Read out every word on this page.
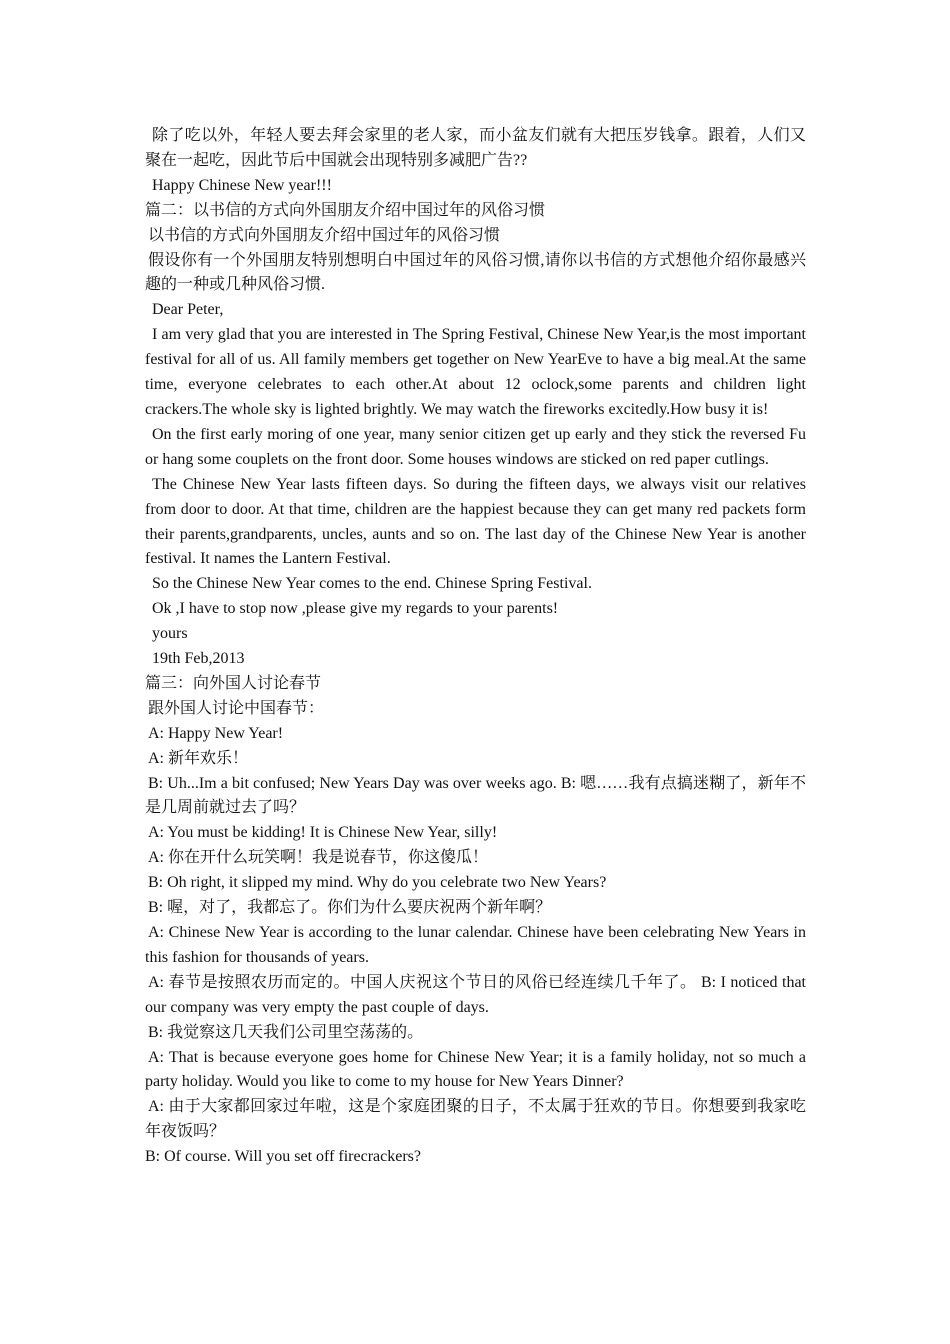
除了吃以外，年轻人要去拜会家里的老人家，而小盆友们就有大把压岁钱拿。跟着，人们又聚在一起吃，因此节后中国就会出现特别多减肥广告??

Happy Chinese New year!!!

篇二：以书信的方式向外国朋友介绍中国过年的风俗习惯

以书信的方式向外国朋友介绍中国过年的风俗习惯

假设你有一个外国朋友特别想明白中国过年的风俗习惯,请你以书信的方式想他介绍你最感兴趣的一种或几种风俗习惯.

Dear Peter,

I am very glad that you are interested in The Spring Festival, Chinese New Year,is the most important festival for all of us. All family members get together on New YearEve to have a big meal.At the same time, everyone celebrates to each other.At about 12 oclock,some parents and children light crackers.The whole sky is lighted brightly. We may watch the fireworks excitedly.How busy it is!

On the first early moring of one year, many senior citizen get up early and they stick the reversed Fu or hang some couplets on the front door. Some houses windows are sticked on red paper cutlings.

The Chinese New Year lasts fifteen days. So during the fifteen days, we always visit our relatives from door to door. At that time, children are the happiest because they can get many red packets form their parents,grandparents, uncles, aunts and so on. The last day of the Chinese New Year is another festival. It names the Lantern Festival.

So the Chinese New Year comes to the end. Chinese Spring Festival.

Ok ,I have to stop now ,please give my regards to your parents!

yours

19th Feb,2013

篇三：向外国人讨论春节

跟外国人讨论中国春节：

A: Happy New Year!

A: 新年欢乐！

B: Uh...Im a bit confused; New Years Day was over weeks ago. B: 嗯……我有点搞迷糊了，新年不是几周前就过去了吗？

A: You must be kidding! It is Chinese New Year, silly!

A: 你在开什么玩笑啊！我是说春节，你这傻瓜！

B: Oh right, it slipped my mind. Why do you celebrate two New Years?

B: 喔，对了，我都忘了。你们为什么要庆祝两个新年啊？

A: Chinese New Year is according to the lunar calendar. Chinese have been celebrating New Years in this fashion for thousands of years.

A: 春节是按照农历而定的。中国人庆祝这个节日的风俗已经连续几千年了。 B: I noticed that our company was very empty the past couple of days.

B: 我觉察这几天我们公司里空荡荡的。

A: That is because everyone goes home for Chinese New Year; it is a family holiday, not so much a party holiday. Would you like to come to my house for New Years Dinner?

A: 由于大家都回家过年啦，这是个家庭团聚的日子，不太属于狂欢的节日。你想要到我家吃年夜饭吗？

B: Of course. Will you set off firecrackers?
